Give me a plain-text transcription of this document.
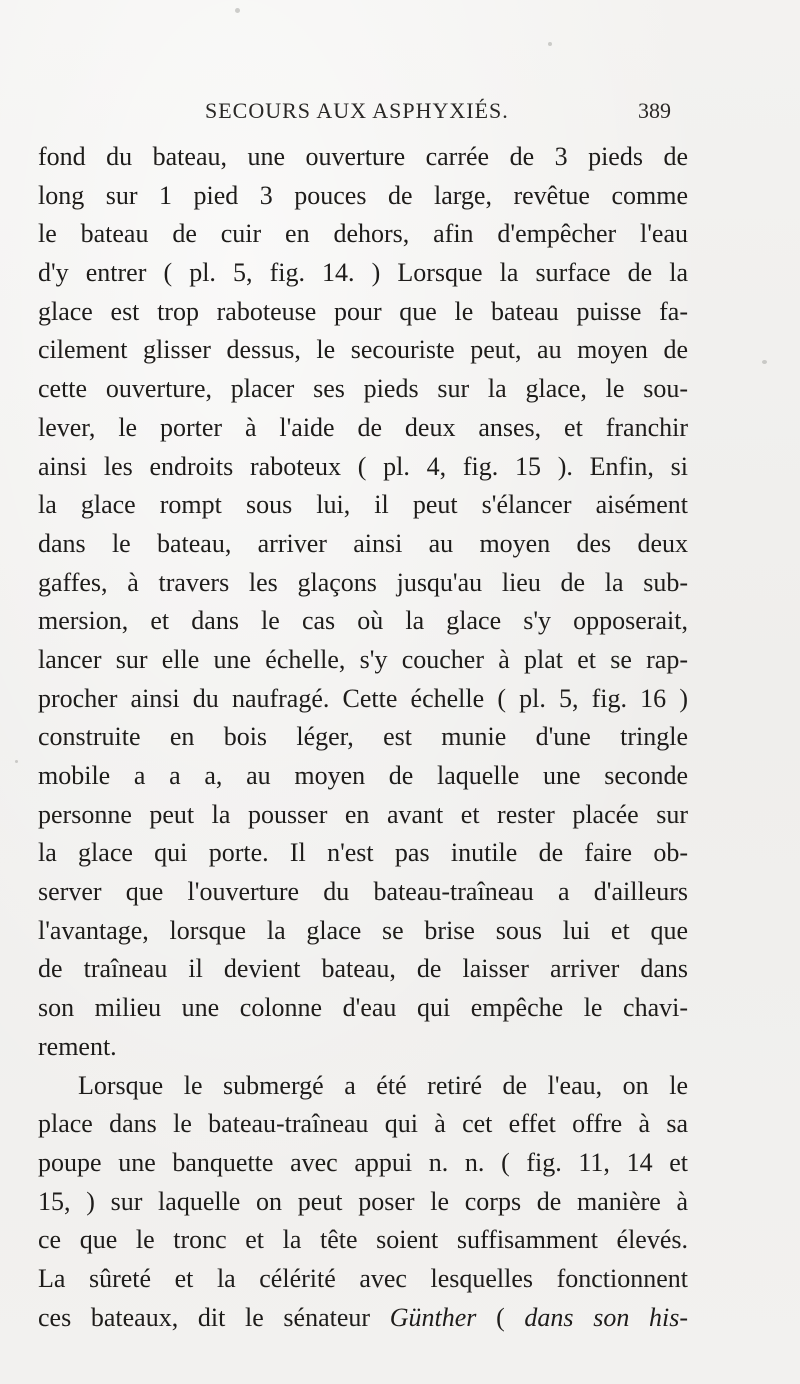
SECOURS AUX ASPHYXIÉS.	389
fond du bateau, une ouverture carrée de 3 pieds de
long sur 1 pied 3 pouces de large, revêtue comme
le bateau de cuir en dehors, afin d'empêcher l'eau
d'y entrer ( pl. 5, fig. 14. ) Lorsque la surface de la
glace est trop raboteuse pour que le bateau puisse fa-
cilement glisser dessus, le secouriste peut, au moyen de
cette ouverture, placer ses pieds sur la glace, le sou-
lever, le porter à l'aide de deux anses, et franchir
ainsi les endroits raboteux ( pl. 4, fig. 15 ). Enfin, si
la glace rompt sous lui, il peut s'élancer aisément
dans le bateau, arriver ainsi au moyen des deux
gaffes, à travers les glaçons jusqu'au lieu de la sub-
mersion, et dans le cas où la glace s'y opposerait,
lancer sur elle une échelle, s'y coucher à plat et se rap-
procher ainsi du naufragé. Cette échelle ( pl. 5, fig. 16 )
construite en bois léger, est munie d'une tringle
mobile a a a, au moyen de laquelle une seconde
personne peut la pousser en avant et rester placée sur
la glace qui porte. Il n'est pas inutile de faire ob-
server que l'ouverture du bateau-traîneau a d'ailleurs
l'avantage, lorsque la glace se brise sous lui et que
de traîneau il devient bateau, de laisser arriver dans
son milieu une colonne d'eau qui empêche le chavi-
rement.
Lorsque le submergé a été retiré de l'eau, on le
place dans le bateau-traîneau qui à cet effet offre à sa
poupe une banquette avec appui n. n. ( fig. 11, 14 et
15, ) sur laquelle on peut poser le corps de manière à
ce que le tronc et la tête soient suffisamment élevés.
La sûreté et la célérité avec lesquelles fonctionnent
ces bateaux, dit le sénateur Günther ( dans son his-
